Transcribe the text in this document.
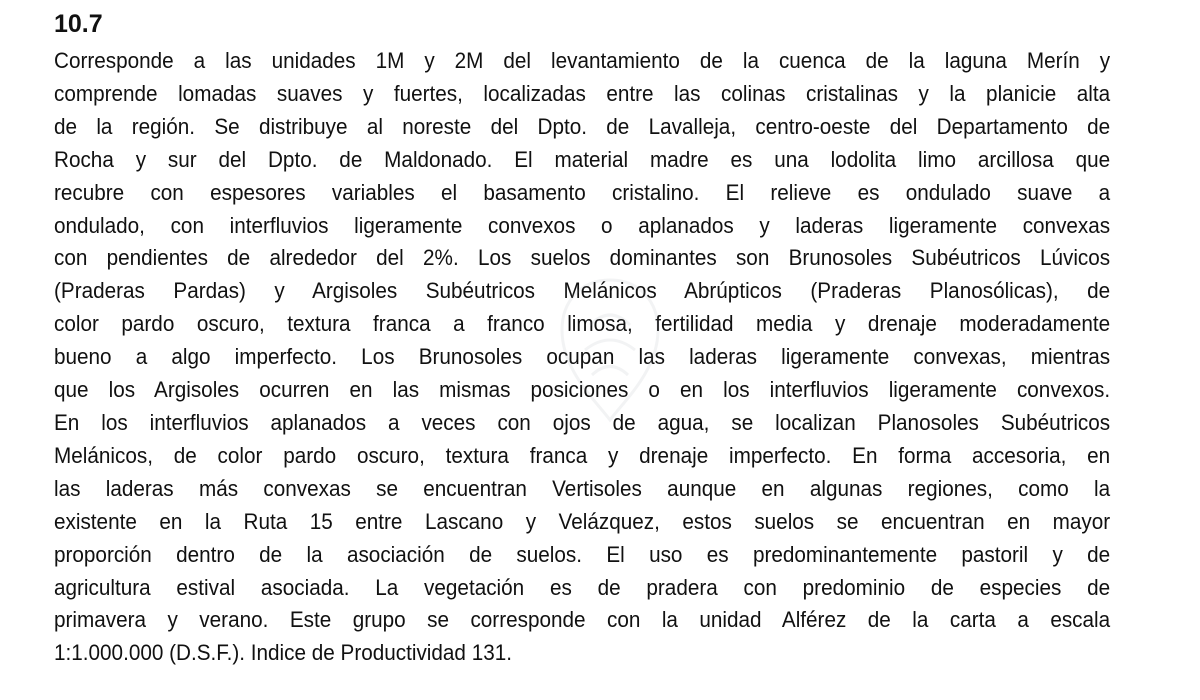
10.7

Corresponde a las unidades 1M y 2M del levantamiento de la cuenca de la laguna Merín y
comprende lomadas suaves y fuertes, localizadas entre las colinas cristalinas y la planicie alta
de la región. Se distribuye al noreste del Dpto. de Lavalleja, centro-oeste del Departamento de
Rocha y sur del Dpto. de Maldonado. El material madre es una lodolita limo arcillosa que
recubre con espesores variables el basamento cristalino. El relieve es ondulado suave a
ondulado, con interfluvios ligeramente convexos o aplanados y laderas ligeramente convexas
con pendientes de alrededor del 2%. Los suelos dominantes son Brunosoles Subéutricos Lúvicos
(Praderas Pardas) y Argisoles Subéutricos Melánicos Abrúpticos (Praderas Planosólicas), de
color pardo oscuro, textura franca a franco limosa, fertilidad media y drenaje moderadamente
bueno a algo imperfecto. Los Brunosoles ocupan las laderas ligeramente convexas, mientras
que los Argisoles ocurren en las mismas posiciones o en los interfluvios ligeramente convexos.
En los interfluvios aplanados a veces con ojos de agua, se localizan Planosoles Subéutricos
Melánicos, de color pardo oscuro, textura franca y drenaje imperfecto. En forma accesoria, en
las laderas más convexas se encuentran Vertisoles aunque en algunas regiones, como la
existente en la Ruta 15 entre Lascano y Velázquez, estos suelos se encuentran en mayor
proporción dentro de la asociación de suelos. El uso es predominantemente pastoril y de
agricultura estival asociada. La vegetación es de pradera con predominio de especies de
primavera y verano. Este grupo se corresponde con la unidad Alférez de la carta a escala
1:1.000.000 (D.S.F.). Indice de Productividad 131.
